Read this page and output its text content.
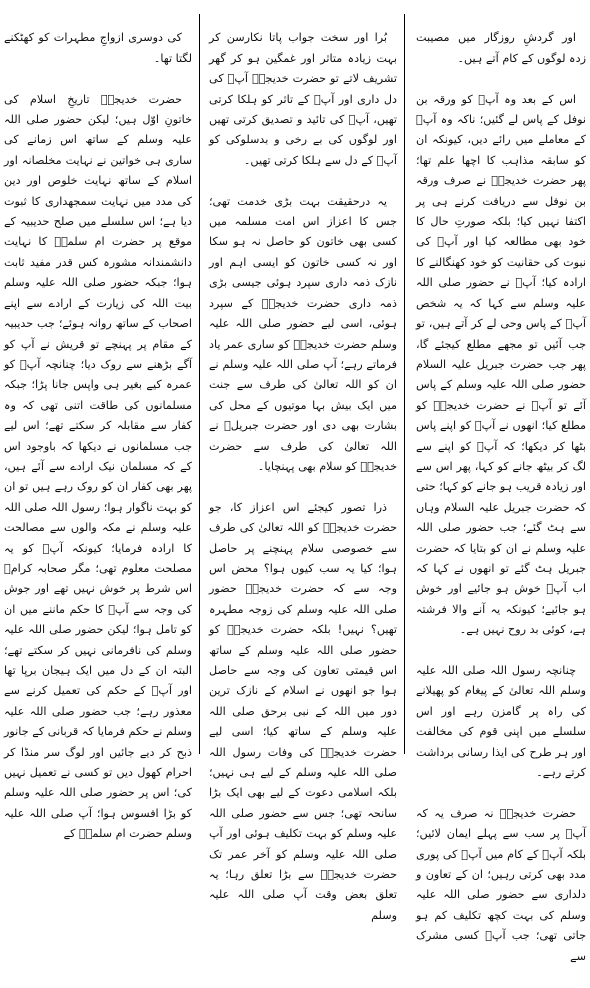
اور گردشِ روزگار میں مصیبت زدہ لوگوں کے کام آتے ہیں۔

اس کے بعد وہ آپؐ کو ورقہ بن نوفل کے پاس لے گئیں؛ ناکہ وہ آپؐ کے معاملے میں رائے دیں، کیونکہ ان کو سابقہ مذاہب کا اچھا علم تھا؛ پھر حضرت خدیجہؓ نے صرف ورقہ بن نوفل سے دریافت کرنے ہی پر اکتفا نہیں کیا؛ بلکہ صورتِ حال کا خود بھی مطالعہ کیا اور آپؐ کی نبوت کی حقانیت کو خود کھنگالنے کا ارادہ کیا؛ آپؐ نے حضور صلی اللہ علیہ وسلم سے کہا کہ یہ شخص آپؐ کے پاس وحی لے کر آتے ہیں، تو جب آئیں تو مجھے مطلع کیجئے گا، پھر جب حضرت جبریل علیہ السلام حضور صلی اللہ علیہ وسلم کے پاس آئے تو آپؐ نے حضرت خدیجہؓ کو مطلع کیا؛ انھوں نے آپؐ کو اپنے پاس بٹھا کر دیکھا؛ کہ آپؐ کو اپنے سے لگ کر بیٹھ جانے کو کہا، پھر اس سے اور زیادہ قریب ہو جانے کو کہا؛ حتی کہ حضرت جبریل علیہ السلام وہاں سے ہٹ گئے؛ جب حضور صلی اللہ علیہ وسلم نے ان کو بتایا کہ حضرت جبریل ہٹ گئے تو انھوں نے کہا کہ اب آپؐ خوش ہو جائیے اور خوش ہو جائیے؛ کیونکہ یہ آنے والا فرشتہ ہے، کوئی بد روح نہیں ہے۔

چنانچہ رسول اللہ صلی اللہ علیہ وسلم اللہ تعالیٰ کے پیغام کو پھیلانے کی راہ پر گامزن رہے اور اس سلسلے میں اپنی قوم کی مخالفت اور ہر طرح کی ایذا رسانی برداشت کرتے رہے۔

حضرت خدیجہؓ نہ صرف یہ کہ آپؐ پر سب سے پہلے ایمان لائیں؛ بلکہ آپؐ کے کام میں آپؐ کی پوری مدد بھی کرتی رہیں؛ ان کے تعاون و دلداری سے حضور صلی اللہ علیہ وسلم کی بہت کچھ تکلیف کم ہو جاتی تھی؛ جب آپؐ کسی مشرک سے

بُرا اور سخت جواب پاتا نکارسن کر بہت زیادہ متاثر اور غمگین ہو کر گھر تشریف لاتے تو حضرت خدیجہؓ آپؐ کی دل داری اور آپؐ کے تاثر کو ہلکا کرتی تھیں، آپؐ کی تائید و تصدیق کرتی تھیں اور لوگوں کی بے رخی و بدسلوکی کو آپؐ کے دل سے ہلکا کرتی تھیں۔

یہ درحقیقت بہت بڑی خدمت تھی؛ جس کا اعزاز اس امت مسلمہ میں کسی بھی خاتون کو حاصل نہ ہو سکا اور نہ کسی خاتون کو ایسی اہم اور نازک ذمہ داری سپرد ہوئی جیسی بڑی ذمہ داری حضرت خدیجہؓ کے سپرد ہوئی، اسی لیے حضور صلی اللہ علیہ وسلم حضرت خدیجہؓ کو ساری عمر یاد فرماتے رہے؛ آپ صلی اللہ علیہ وسلم نے ان کو اللہ تعالیٰ کی طرف سے جنت میں ایک بیش بہا موتیوں کے محل کی بشارت بھی دی اور حضرت جبریلؑ نے اللہ تعالیٰ کی طرف سے حضرت خدیجہؓ کو سلام بھی پہنچایا۔

ذرا تصور کیجئے اس اعزاز کا، جو حضرت خدیجہؓ کو اللہ تعالیٰ کی طرف سے خصوصی سلام پہنچنے پر حاصل ہوا؛ کیا یہ سب کیوں ہوا؟ محض اس وجہ سے کہ حضرت خدیجہؓ حضور صلی اللہ علیہ وسلم کی زوجہ مطہرہ تھیں؟ نہیں! بلکہ حضرت خدیجہؓ کو حضور صلی اللہ علیہ وسلم کے ساتھ اس قیمتی تعاون کی وجہ سے حاصل ہوا جو انھوں نے اسلام کے نازک ترین دور میں اللہ کے نبی برحق صلی اللہ علیہ وسلم کے ساتھ کیا؛ اسی لیے حضرت خدیجہؓ کی وفات رسول اللہ صلی اللہ علیہ وسلم کے لیے ہی نہیں؛ بلکہ اسلامی دعوت کے لیے بھی ایک بڑا سانحہ تھی؛ جس سے حضور صلی اللہ علیہ وسلم کو بہت تکلیف ہوئی اور آپ صلی اللہ علیہ وسلم کو آخر عمر تک حضرت خدیجہؓ سے بڑا تعلق رہا؛ یہ تعلق بعض وقت آپ صلی اللہ علیہ وسلم

کی دوسری ازواجِ مطہرات کو کھٹکنے لگتا تھا۔

حضرت خدیجہؓ تاریخِ اسلام کی خاتونِ اوّل ہیں؛ لیکن حضور صلی اللہ علیہ وسلم کے ساتھ اس زمانے کی ساری ہی خواتین نے نہایت مخلصانہ اور اسلام کے ساتھ نہایت خلوص اور دین کی مدد میں نہایت سمجھداری کا ثبوت دیا ہے؛ اس سلسلے میں صلح حدیبیہ کے موقع پر حضرت ام سلمہؓ کا نہایت دانشمندانہ مشورہ کس قدر مفید ثابت ہوا؛ جبکہ حضور صلی اللہ علیہ وسلم بیت اللہ کی زیارت کے ارادے سے اپنے اصحاب کے ساتھ روانہ ہوئے؛ جب حدیبیہ کے مقام پر پہنچے تو قریش نے آپ کو آگے بڑھنے سے روک دیا؛ چنانچہ آپؐ کو عمرہ کیے بغیر ہی واپس جانا پڑا؛ جبکہ مسلمانوں کی طاقت اتنی تھی کہ وہ کفار سے مقابلہ کر سکتے تھے؛ اس لیے جب مسلمانوں نے دیکھا کہ باوجود اس کے کہ مسلمان نیک ارادے سے آئے ہیں، پھر بھی کفار ان کو روک رہے ہیں تو ان کو بہت ناگوار ہوا؛ رسول اللہ صلی اللہ علیہ وسلم نے مکہ والوں سے مصالحت کا ارادہ فرمایا؛ کیونکہ آپؐ کو یہ مصلحت معلوم تھی؛ مگر صحابہ کرامؓ اس شرط پر خوش نہیں تھے اور جوش کی وجہ سے آپؐ کا حکم ماننے میں ان کو تامل ہوا؛ لیکن حضور صلی اللہ علیہ وسلم کی نافرمانی نہیں کر سکتے تھے؛ البتہ ان کے دل میں ایک ہیجان برپا تھا اور آپؐ کے حکم کی تعمیل کرنے سے معذور رہے؛ جب حضور صلی اللہ علیہ وسلم نے حکم فرمایا کہ قربانی کے جانور ذبح کر دیے جائیں اور لوگ سر منڈا کر احرام کھول دیں تو کسی نے تعمیل نہیں کی؛ اس پر حضور صلی اللہ علیہ وسلم کو بڑا افسوس ہوا؛ آپ صلی اللہ علیہ وسلم حضرت ام سلمہؓ کے
